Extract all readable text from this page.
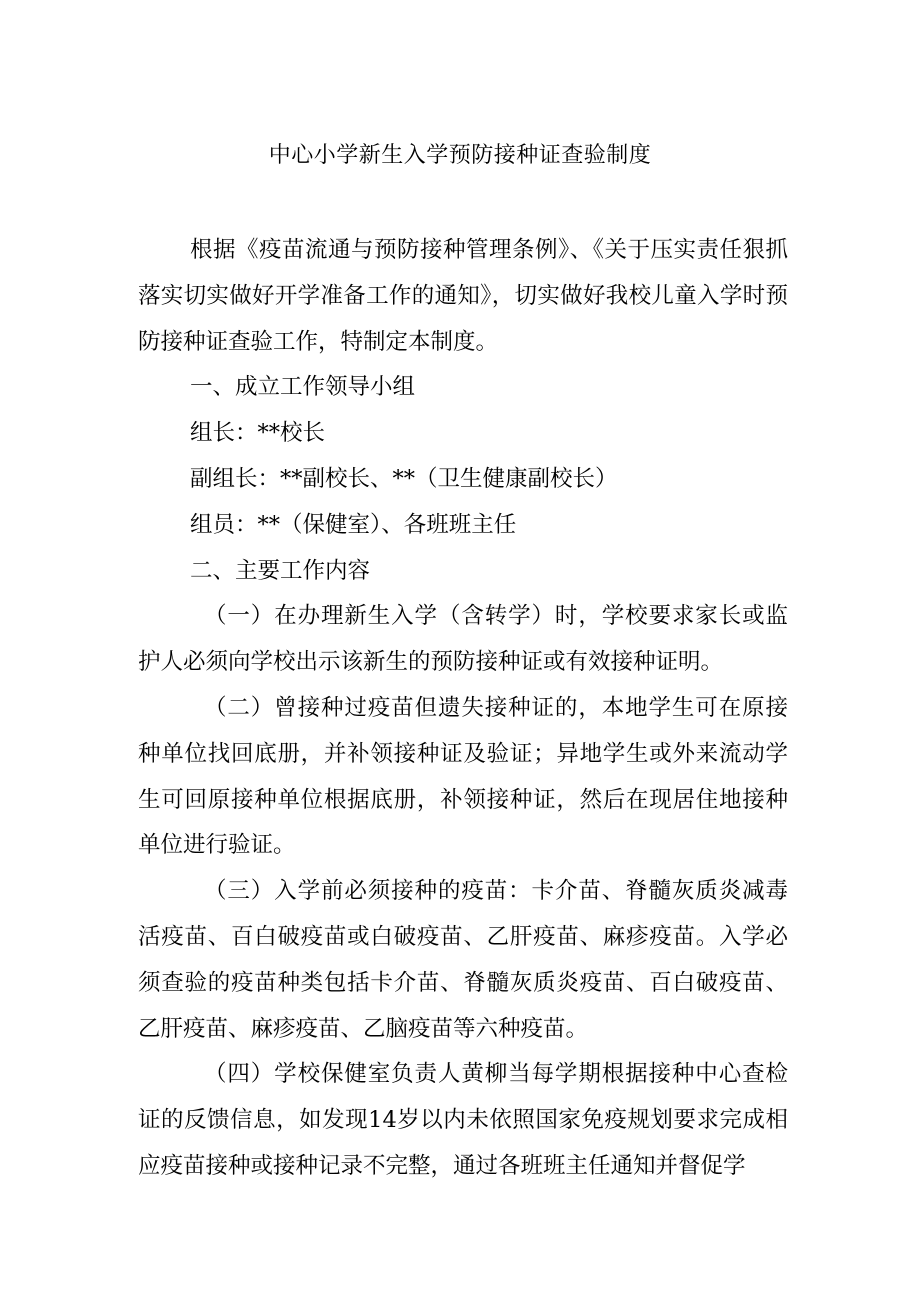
中心小学新生入学预防接种证查验制度

根据《疫苗流通与预防接种管理条例》、《关于压实责任狠抓落实切实做好开学准备工作的通知》，切实做好我校儿童入学时预防接种证查验工作，特制定本制度。

一、成立工作领导小组

组长：**校长

副组长：**副校长、**（卫生健康副校长）

组员：**（保健室）、各班班主任

二、主要工作内容

（一）在办理新生入学（含转学）时，学校要求家长或监护人必须向学校出示该新生的预防接种证或有效接种证明。

（二）曾接种过疫苗但遗失接种证的，本地学生可在原接种单位找回底册，并补领接种证及验证；异地学生或外来流动学生可回原接种单位根据底册，补领接种证，然后在现居住地接种单位进行验证。

（三）入学前必须接种的疫苗：卡介苗、脊髓灰质炎减毒活疫苗、百白破疫苗或白破疫苗、乙肝疫苗、麻疹疫苗。入学必须查验的疫苗种类包括卡介苗、脊髓灰质炎疫苗、百白破疫苗、乙肝疫苗、麻疹疫苗、乙脑疫苗等六种疫苗。

（四）学校保健室负责人黄柳当每学期根据接种中心查检证的反馈信息，如发现14岁以内未依照国家免疫规划要求完成相应疫苗接种或接种记录不完整，通过各班班主任通知并督促学
